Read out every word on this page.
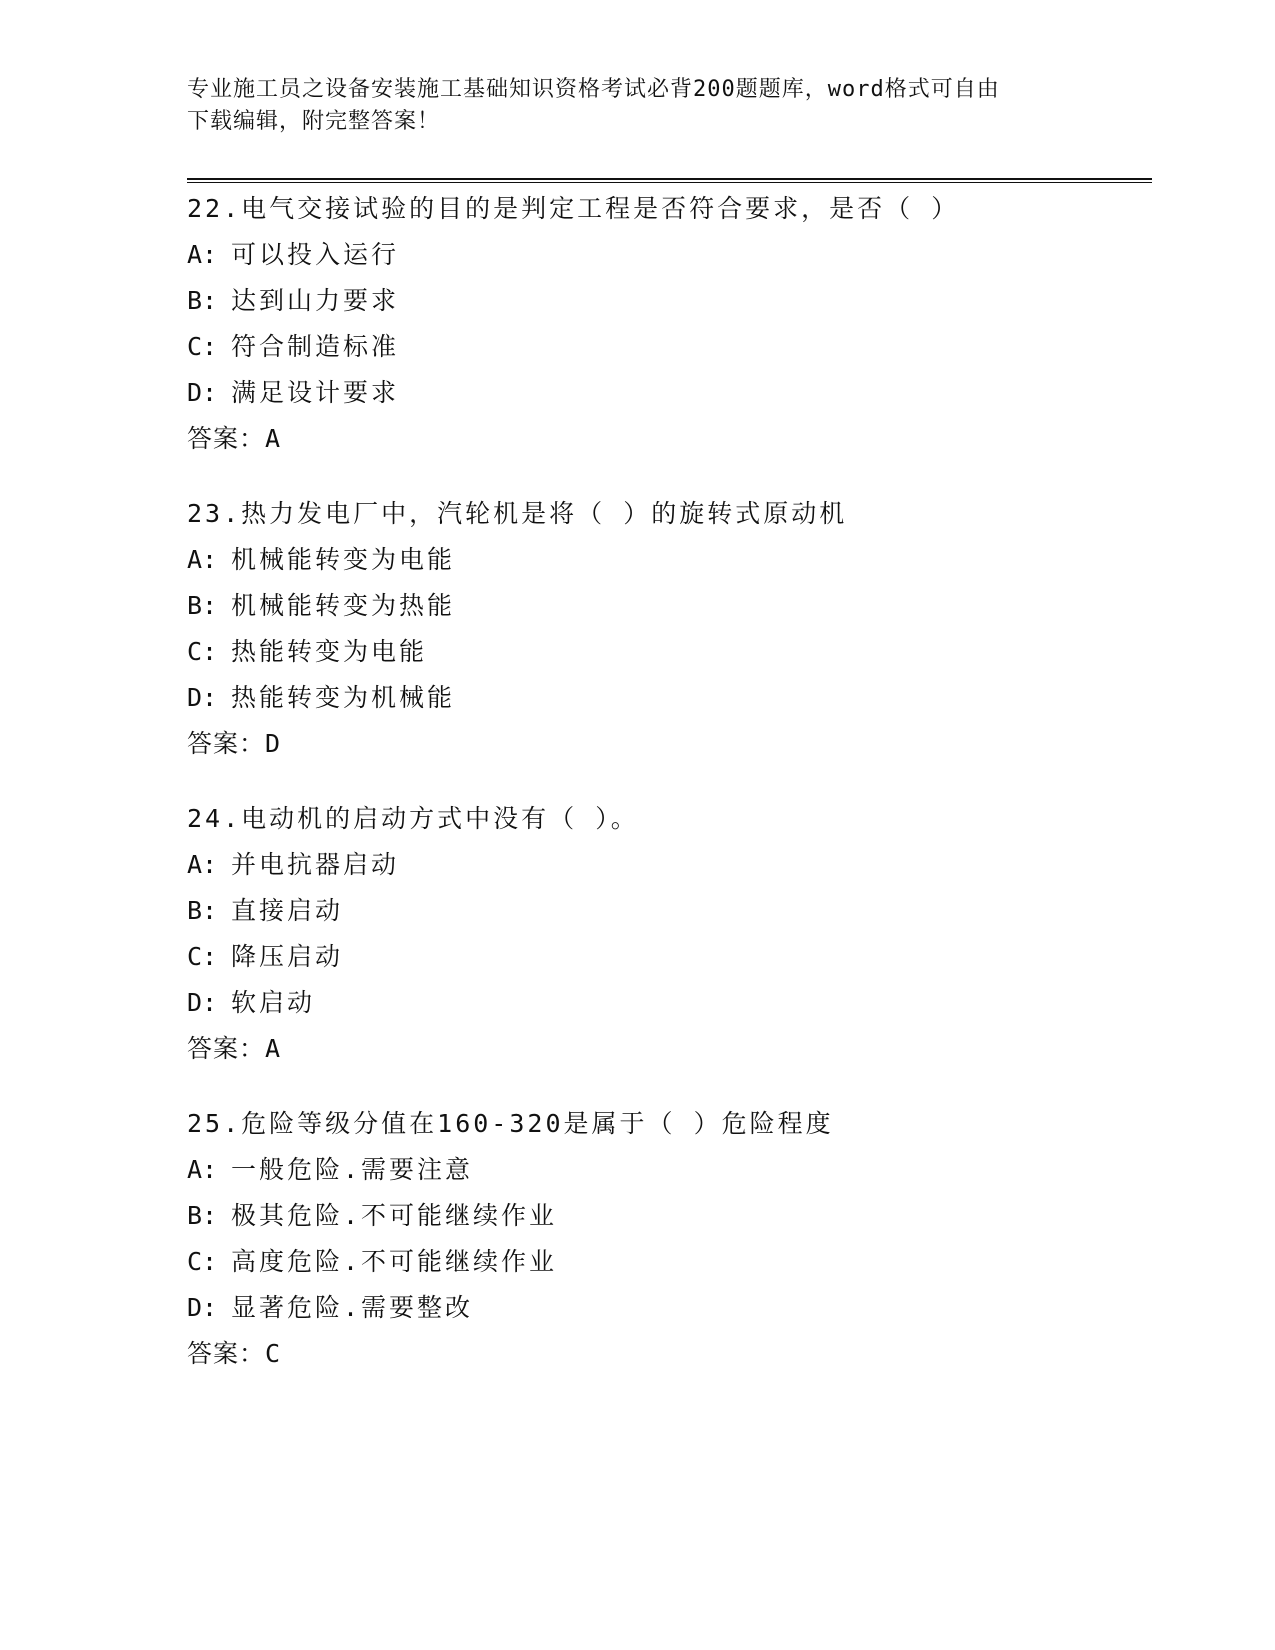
专业施工员之设备安装施工基础知识资格考试必背200题题库，word格式可自由
下载编辑，附完整答案！
22.电气交接试验的目的是判定工程是否符合要求，是否（ ）
A: 可以投入运行
B: 达到山力要求
C: 符合制造标准
D: 满足设计要求
答案：A
23.热力发电厂中，汽轮机是将（ ）的旋转式原动机
A: 机械能转变为电能
B: 机械能转变为热能
C: 热能转变为电能
D: 热能转变为机械能
答案：D
24.电动机的启动方式中没有（ ）。
A: 并电抗器启动
B: 直接启动
C: 降压启动
D: 软启动
答案：A
25.危险等级分值在160-320是属于（ ）危险程度
A: 一般危险.需要注意
B: 极其危险.不可能继续作业
C: 高度危险.不可能继续作业
D: 显著危险.需要整改
答案：C
